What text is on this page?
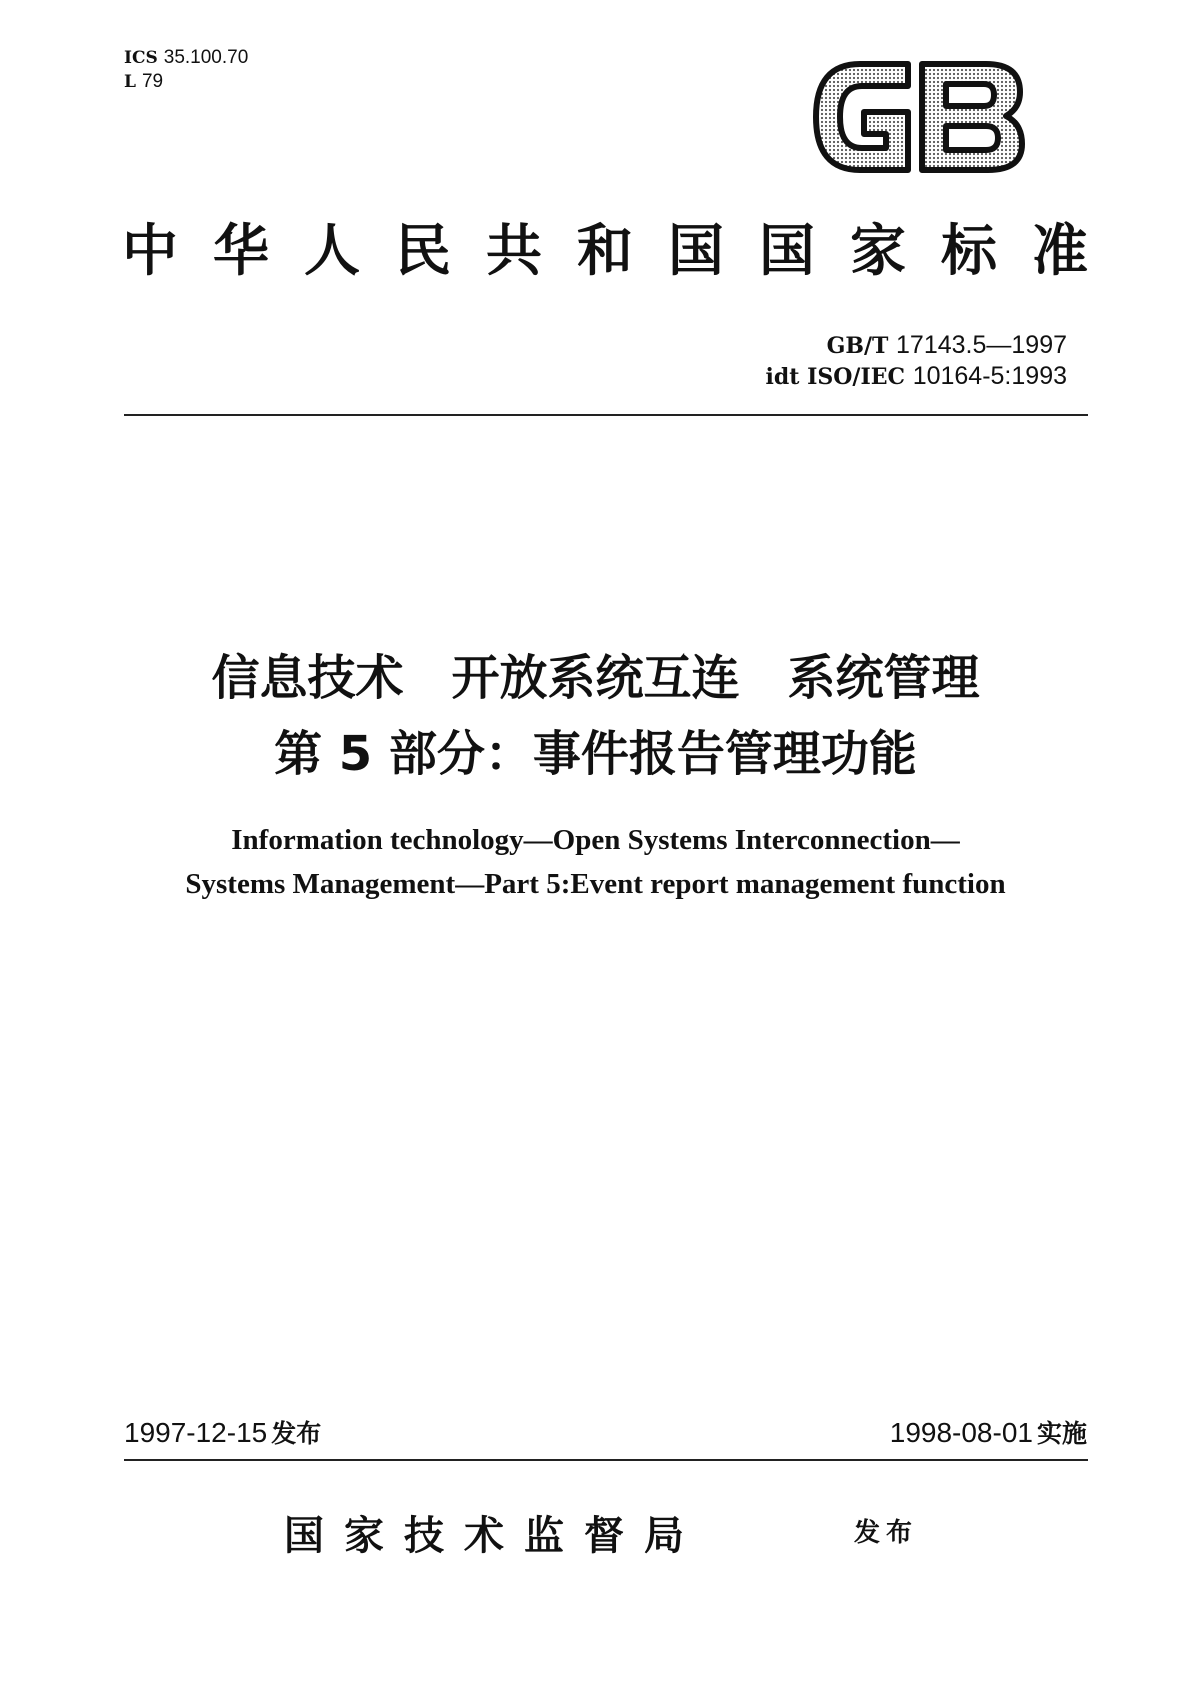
ICS 35.100.70
L 79
中 华 人 民 共 和 国 国 家 标 准
GB/T 17143.5—1997
idt ISO/IEC 10164-5:1993
信息技术　开放系统互连　系统管理
第 5 部分：事件报告管理功能
Information technology—Open Systems Interconnection—
Systems Management—Part 5:Event report management function
1997-12-15 发布	1998-08-01 实施
国家技术监督局	发布
